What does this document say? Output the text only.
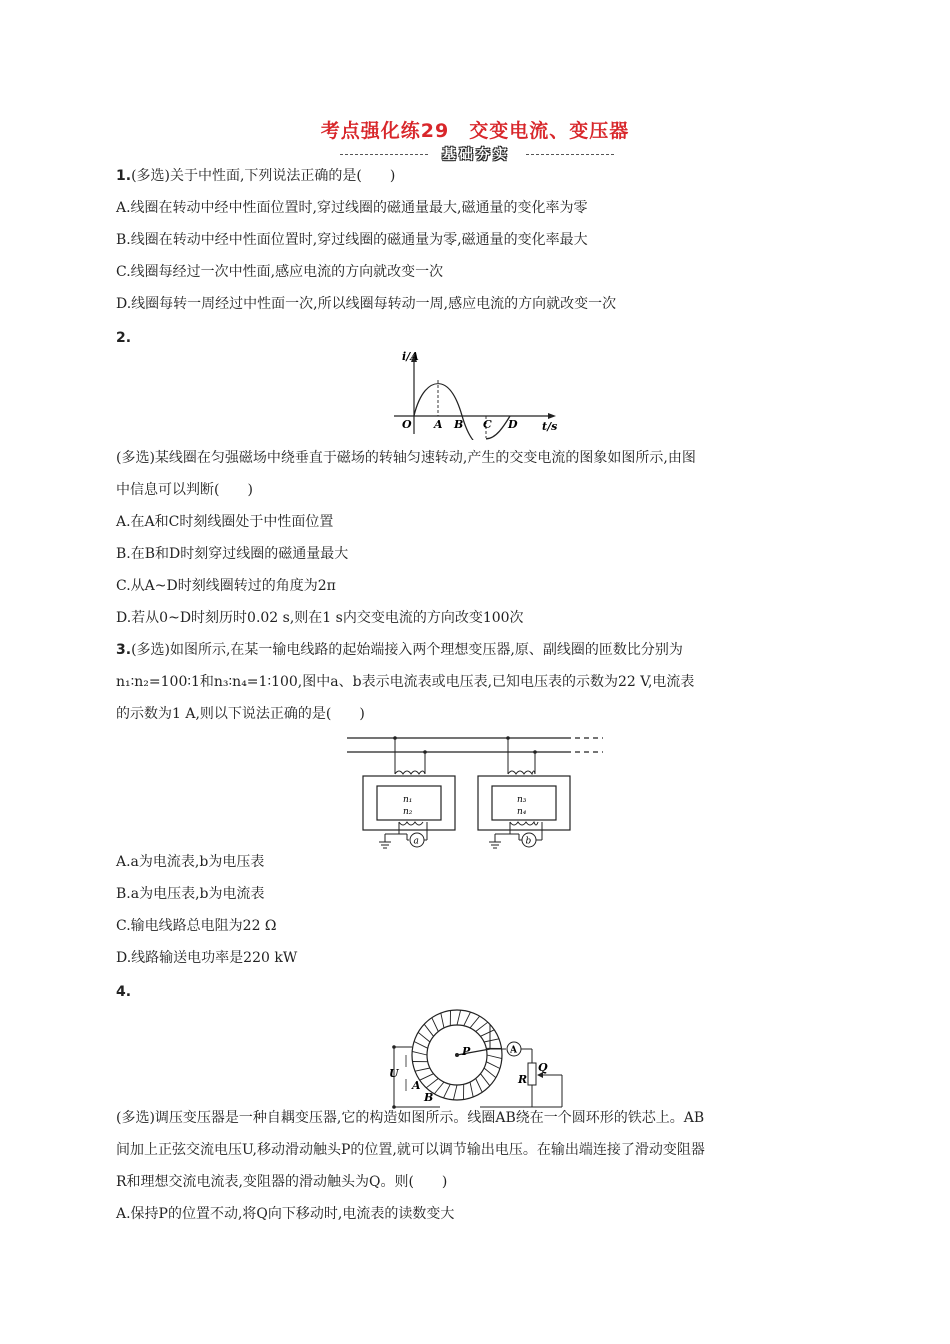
考点强化练29　交变电流、变压器
基础夯实
1.(多选)关于中性面,下列说法正确的是(　　)
A.线圈在转动中经中性面位置时,穿过线圈的磁通量最大,磁通量的变化率为零
B.线圈在转动中经中性面位置时,穿过线圈的磁通量为零,磁通量的变化率最大
C.线圈每经过一次中性面,感应电流的方向就改变一次
D.线圈每转一周经过中性面一次,所以线圈每转动一周,感应电流的方向就改变一次
2.
i/A
O A B C D t/s
(多选)某线圈在匀强磁场中绕垂直于磁场的转轴匀速转动,产生的交变电流的图象如图所示,由图
中信息可以判断(　　)
A.在A和C时刻线圈处于中性面位置
B.在B和D时刻穿过线圈的磁通量最大
C.从A~D时刻线圈转过的角度为2π
D.若从0~D时刻历时0.02 s,则在1 s内交变电流的方向改变100次
3.(多选)如图所示,在某一输电线路的起始端接入两个理想变压器,原、副线圈的匝数比分别为
n₁∶n₂=100∶1和n₃∶n₄=1∶100,图中a、b表示电流表或电压表,已知电压表的示数为22 V,电流表
的示数为1 A,则以下说法正确的是(　　)
n₁
n₂
a
n₃
n₄
b
A.a为电流表,b为电压表
B.a为电压表,b为电流表
C.输电线路总电阻为22 Ω
D.线路输送电功率是220 kW
4.
P
U
A
B
A
R
Q
(多选)调压变压器是一种自耦变压器,它的构造如图所示。线圈AB绕在一个圆环形的铁芯上。AB
间加上正弦交流电压U,移动滑动触头P的位置,就可以调节输出电压。在输出端连接了滑动变阻器
R和理想交流电流表,变阻器的滑动触头为Q。则(　　)
A.保持P的位置不动,将Q向下移动时,电流表的读数变大
